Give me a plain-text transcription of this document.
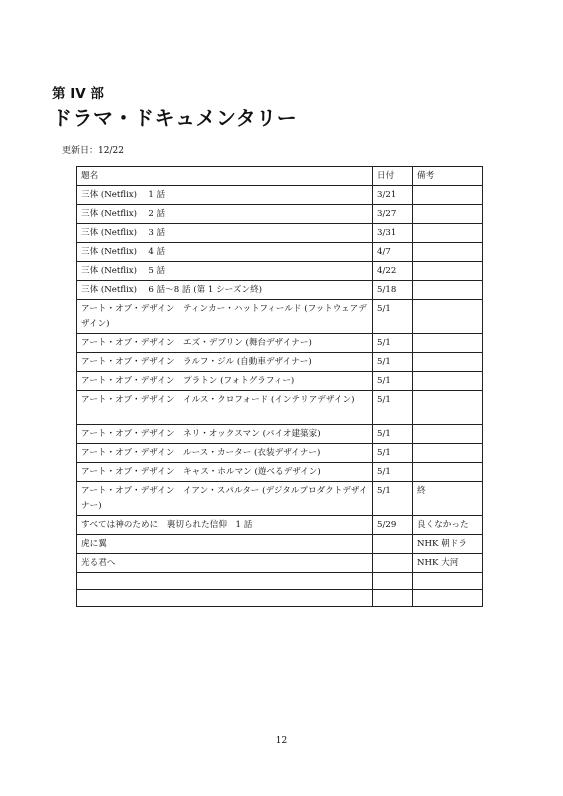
第 IV 部
ドラマ・ドキュメンタリー
更新日：12/22
題名	日付	備考
三体 (Netflix)　 1 話	3/21	
三体 (Netflix)　 2 話	3/27	
三体 (Netflix)　 3 話	3/31	
三体 (Netflix)　 4 話	4/7	
三体 (Netflix)　 5 話	4/22	
三体 (Netflix)　 6 話〜8 話 (第 1 シーズン終)	5/18	
アート・オブ・デザイン　ティンカー・ハットフィールド (フットウェアデザイン)	5/1	
アート・オブ・デザイン　エズ・デブリン (舞台デザイナー)	5/1	
アート・オブ・デザイン　ラルフ・ジル (自動車デザイナー)	5/1	
アート・オブ・デザイン　プラトン (フォトグラフィー)	5/1	
アート・オブ・デザイン　イルス・クロフォード (インテリアデザイン)	5/1	
アート・オブ・デザイン　ネリ・オックスマン (バイオ建築家)	5/1	
アート・オブ・デザイン　ルース・カーター (衣装デザイナー)	5/1	
アート・オブ・デザイン　キャス・ホルマン (遊べるデザイン)	5/1	
アート・オブ・デザイン　イアン・スパルター (デジタルプロダクトデザイナー)	5/1	終
すべては神のために　裏切られた信仰　1 話	5/29	良くなかった
虎に翼		NHK 朝ドラ
光る君へ		NHK 大河

12
